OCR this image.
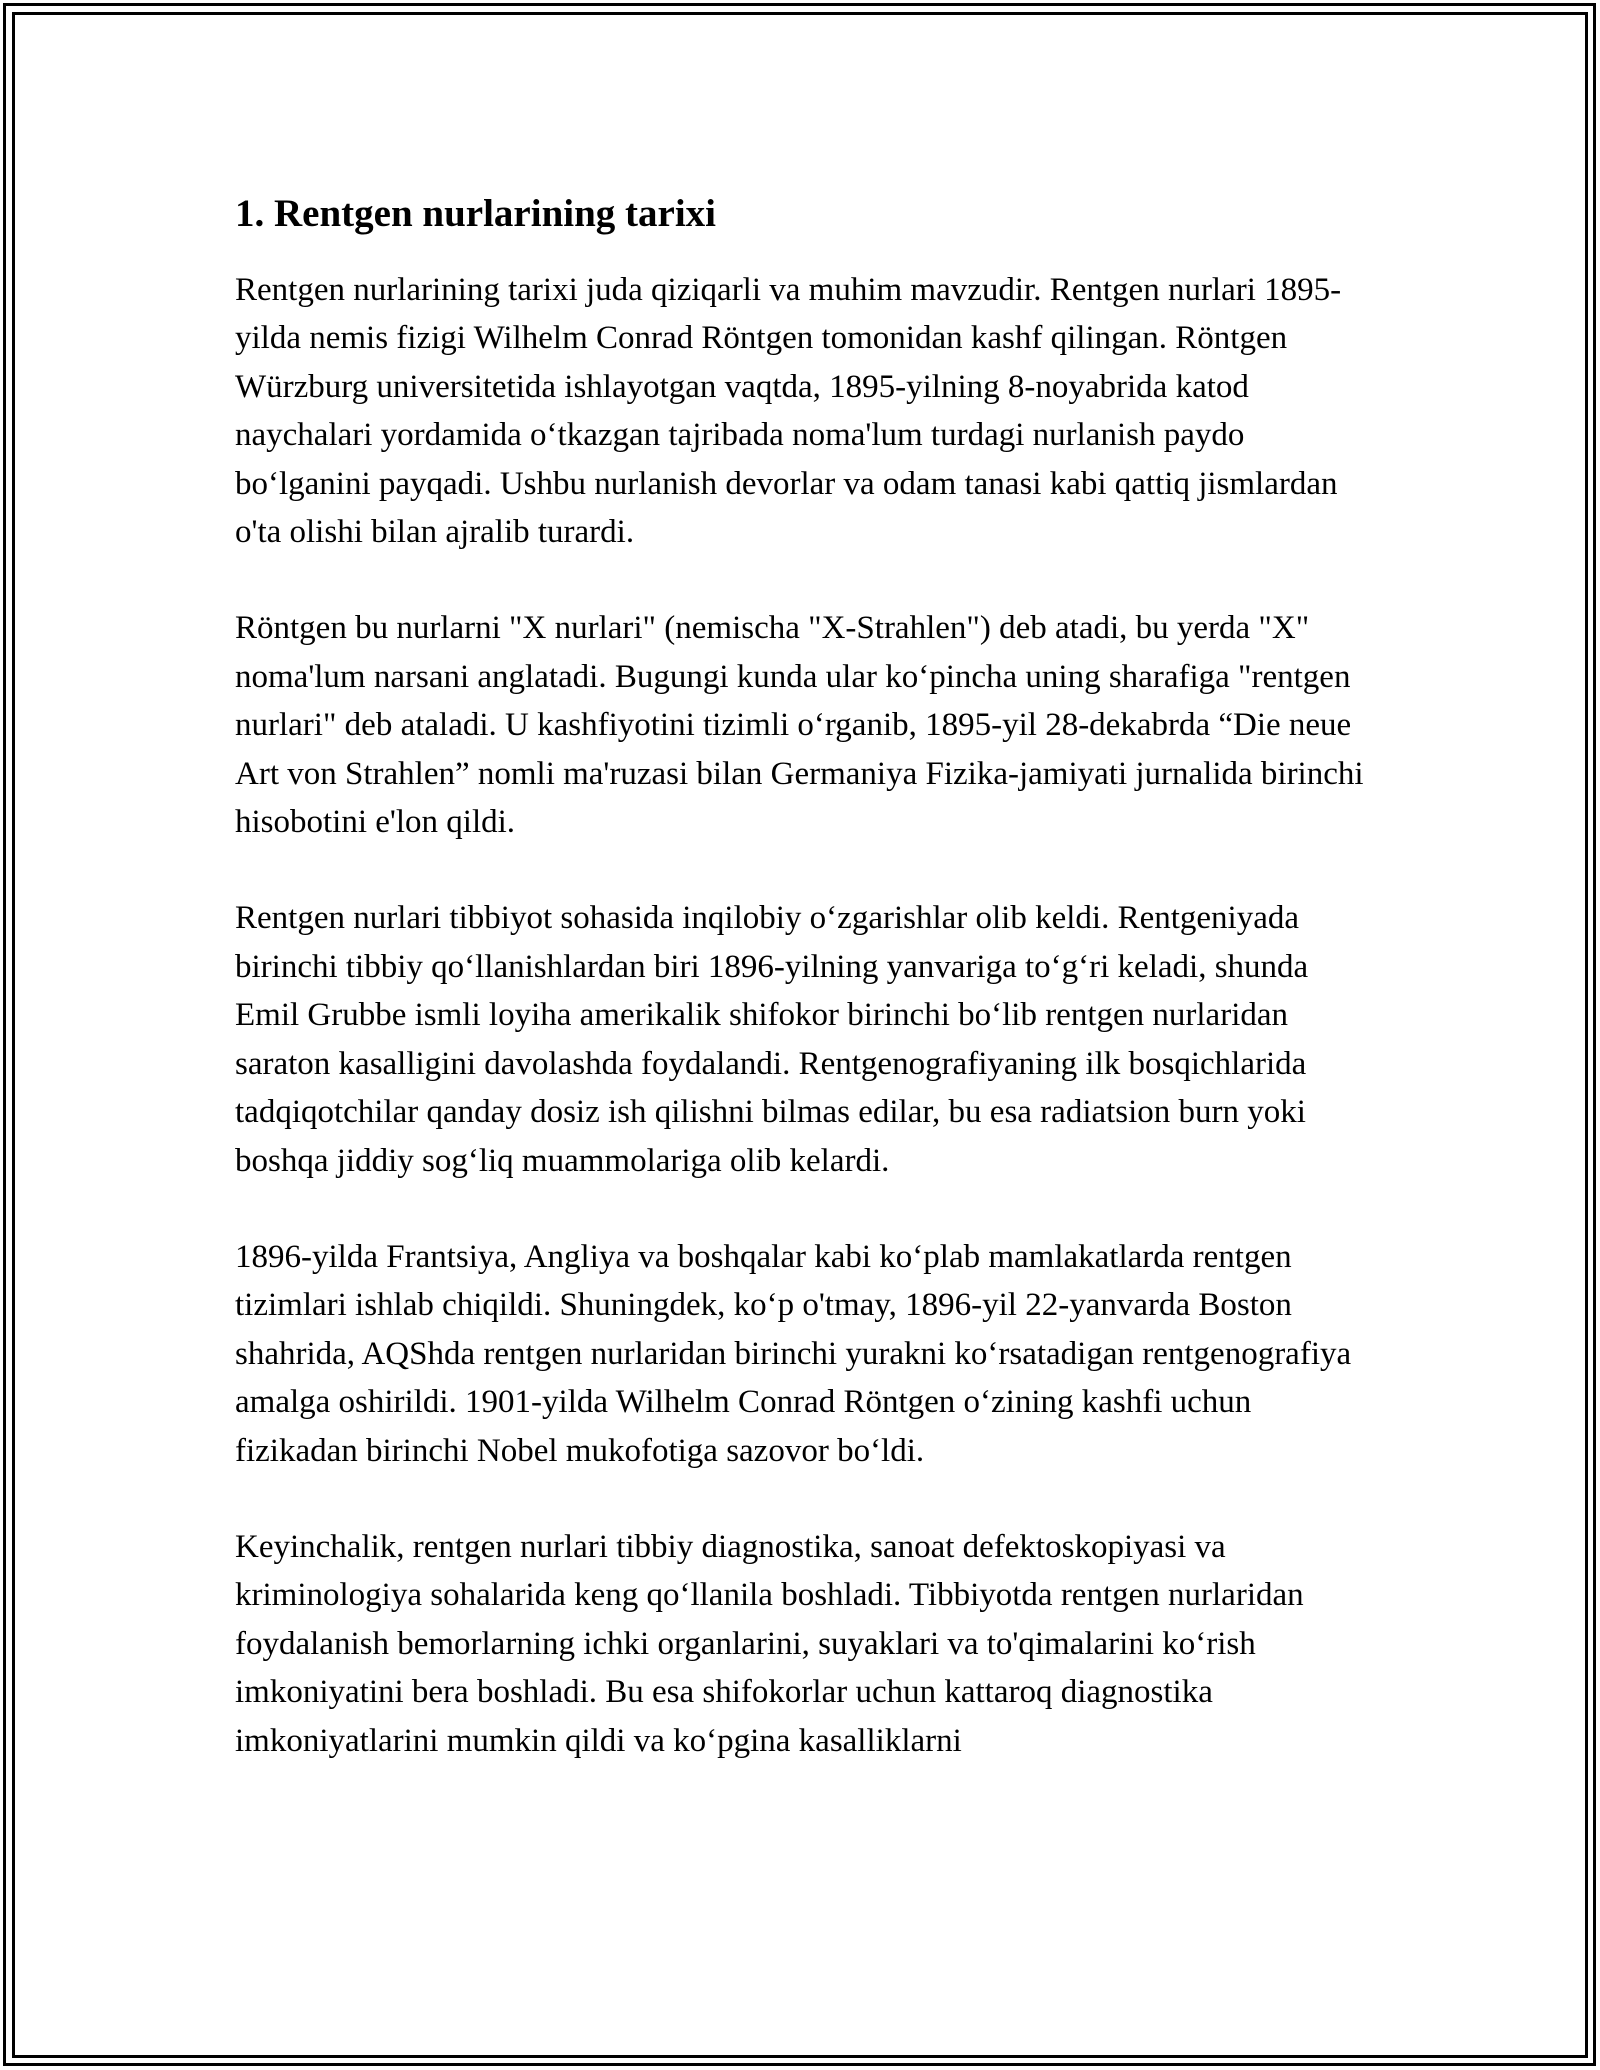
1. Rentgen nurlarining tarixi

Rentgen nurlarining tarixi juda qiziqarli va muhim mavzudir. Rentgen nurlari 1895-yilda nemis fizigi Wilhelm Conrad Röntgen tomonidan kashf qilingan. Röntgen Würzburg universitetida ishlayotgan vaqtda, 1895-yilning 8-noyabrida katod naychalari yordamida oʻtkazgan tajribada noma'lum turdagi nurlanish paydo boʻlganini payqadi. Ushbu nurlanish devorlar va odam tanasi kabi qattiq jismlardan o'ta olishi bilan ajralib turardi.

Röntgen bu nurlarni "X nurlari" (nemischa "X-Strahlen") deb atadi, bu yerda "X" noma'lum narsani anglatadi. Bugungi kunda ular koʻpincha uning sharafiga "rentgen nurlari" deb ataladi. U kashfiyotini tizimli oʻrganib, 1895-yil 28-dekabrda “Die neue Art von Strahlen” nomli ma'ruzasi bilan Germaniya Fizika-jamiyati jurnalida birinchi hisobotini e'lon qildi.

Rentgen nurlari tibbiyot sohasida inqilobiy oʻzgarishlar olib keldi. Rentgeniyada birinchi tibbiy qoʻllanishlardan biri 1896-yilning yanvariga toʻgʻri keladi, shunda Emil Grubbe ismli loyiha amerikalik shifokor birinchi boʻlib rentgen nurlaridan saraton kasalligini davolashda foydalandi. Rentgenografiyaning ilk bosqichlarida tadqiqotchilar qanday dosiz ish qilishni bilmas edilar, bu esa radiatsion burn yoki boshqa jiddiy sogʻliq muammolariga olib kelardi.

1896-yilda Frantsiya, Angliya va boshqalar kabi koʻplab mamlakatlarda rentgen tizimlari ishlab chiqildi. Shuningdek, koʻp o'tmay, 1896-yil 22-yanvarda Boston shahrida, AQShda rentgen nurlaridan birinchi yurakni koʻrsatadigan rentgenografiya amalga oshirildi. 1901-yilda Wilhelm Conrad Röntgen oʻzining kashfi uchun fizikadan birinchi Nobel mukofotiga sazovor boʻldi.

Keyinchalik, rentgen nurlari tibbiy diagnostika, sanoat defektoskopiyasi va kriminologiya sohalarida keng qoʻllanila boshladi. Tibbiyotda rentgen nurlaridan foydalanish bemorlarning ichki organlarini, suyaklari va to'qimalarini koʻrish imkoniyatini bera boshladi. Bu esa shifokorlar uchun kattaroq diagnostika imkoniyatlarini mumkin qildi va koʻpgina kasalliklarni
